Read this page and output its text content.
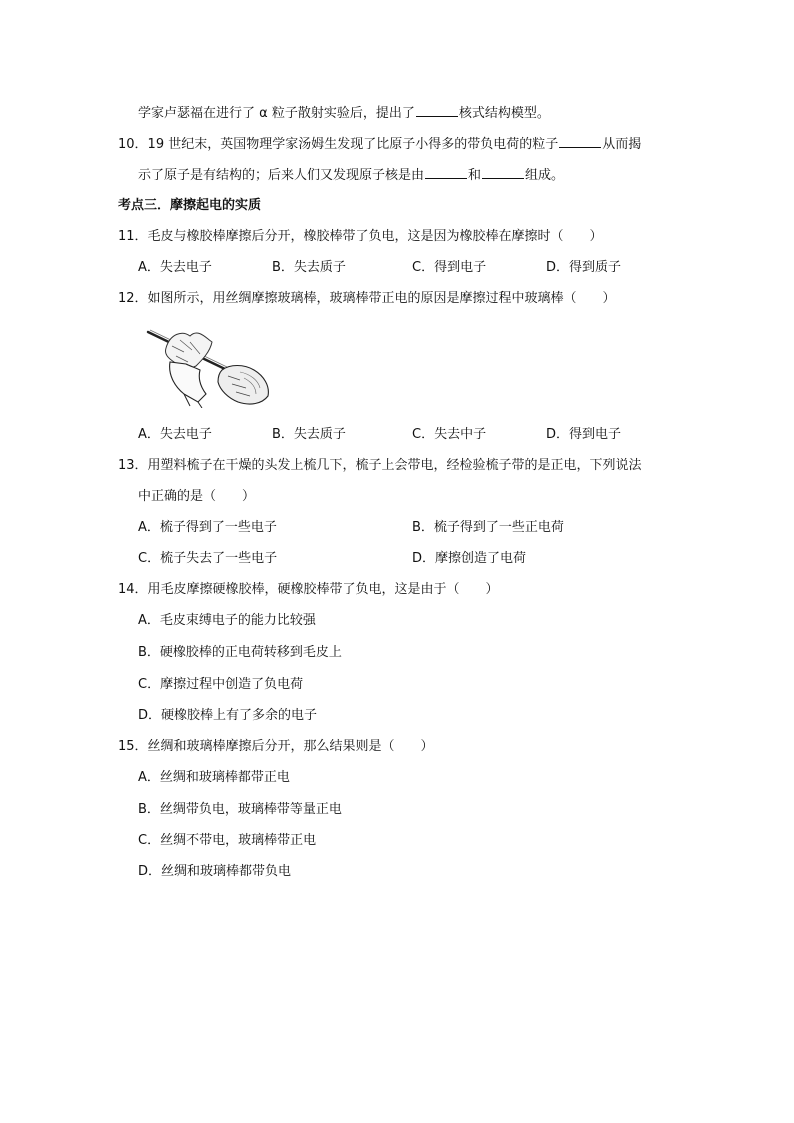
学家卢瑟福在进行了 α 粒子散射实验后，提出了	核式结构模型。
10．19 世纪末，英国物理学家汤姆生发现了比原子小得多的带负电荷的粒子	从而揭
示了原子是有结构的；后来人们又发现原子核是由	和	组成。
考点三．摩擦起电的实质
11．毛皮与橡胶棒摩擦后分开，橡胶棒带了负电，这是因为橡胶棒在摩擦时（　　）
A．失去电子	B．失去质子	C．得到电子	D．得到质子
12．如图所示，用丝绸摩擦玻璃棒，玻璃棒带正电的原因是摩擦过程中玻璃棒（　　）
A．失去电子	B．失去质子	C．失去中子	D．得到电子
13．用塑料梳子在干燥的头发上梳几下，梳子上会带电，经检验梳子带的是正电，下列说法
中正确的是（　　）
A．梳子得到了一些电子	B．梳子得到了一些正电荷
C．梳子失去了一些电子	D．摩擦创造了电荷
14．用毛皮摩擦硬橡胶棒，硬橡胶棒带了负电，这是由于（　　）
A．毛皮束缚电子的能力比较强
B．硬橡胶棒的正电荷转移到毛皮上
C．摩擦过程中创造了负电荷
D．硬橡胶棒上有了多余的电子
15．丝绸和玻璃棒摩擦后分开，那么结果则是（　　）
A．丝绸和玻璃棒都带正电
B．丝绸带负电，玻璃棒带等量正电
C．丝绸不带电，玻璃棒带正电
D．丝绸和玻璃棒都带负电
